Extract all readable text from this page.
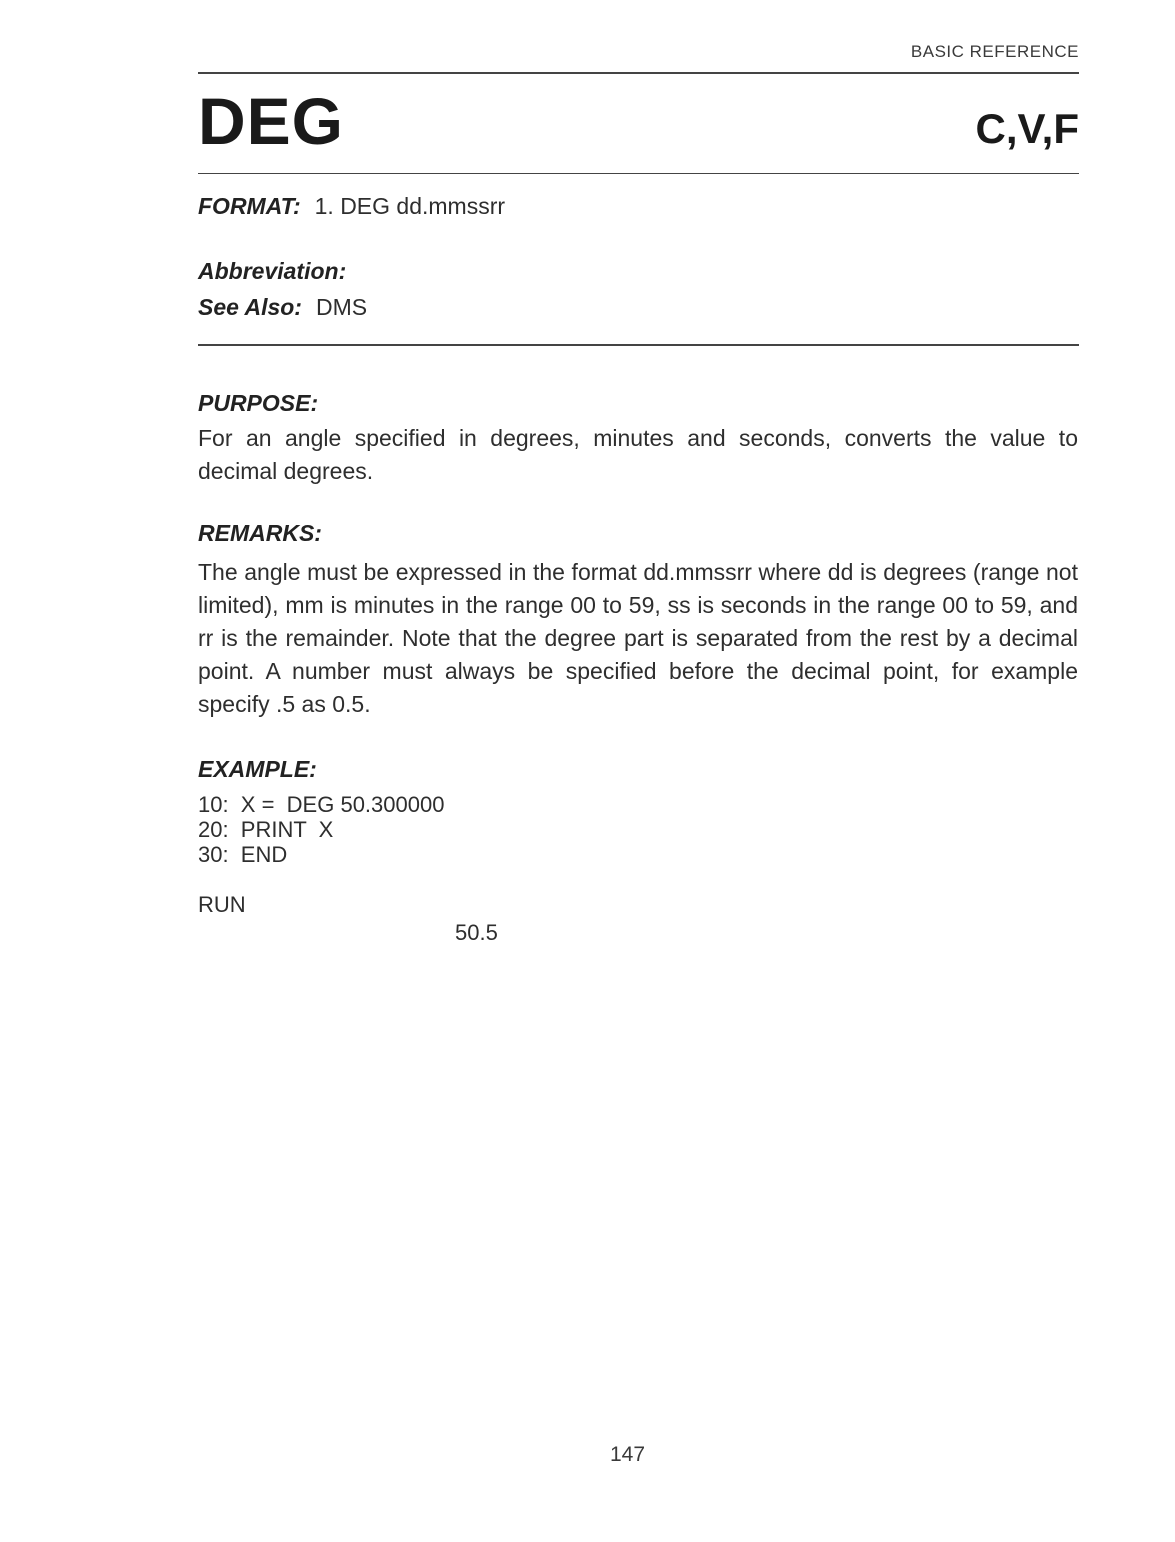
BASIC REFERENCE
DEG	C,V,F
FORMAT: 1. DEG dd.mmssrr
Abbreviation:
See Also: DMS
PURPOSE:

For an angle specified in degrees, minutes and seconds, converts the value to decimal degrees.

REMARKS:

The angle must be expressed in the format dd.mmssrr where dd is degrees (range not limited), mm is minutes in the range 00 to 59, ss is seconds in the range 00 to 59, and rr is the remainder. Note that the degree part is separated from the rest by a decimal point. A number must always be specified before the decimal point, for example specify .5 as 0.5.

EXAMPLE:
10:  X =  DEG 50.300000
20:  PRINT  X
30:  END
RUN
50.5
147
